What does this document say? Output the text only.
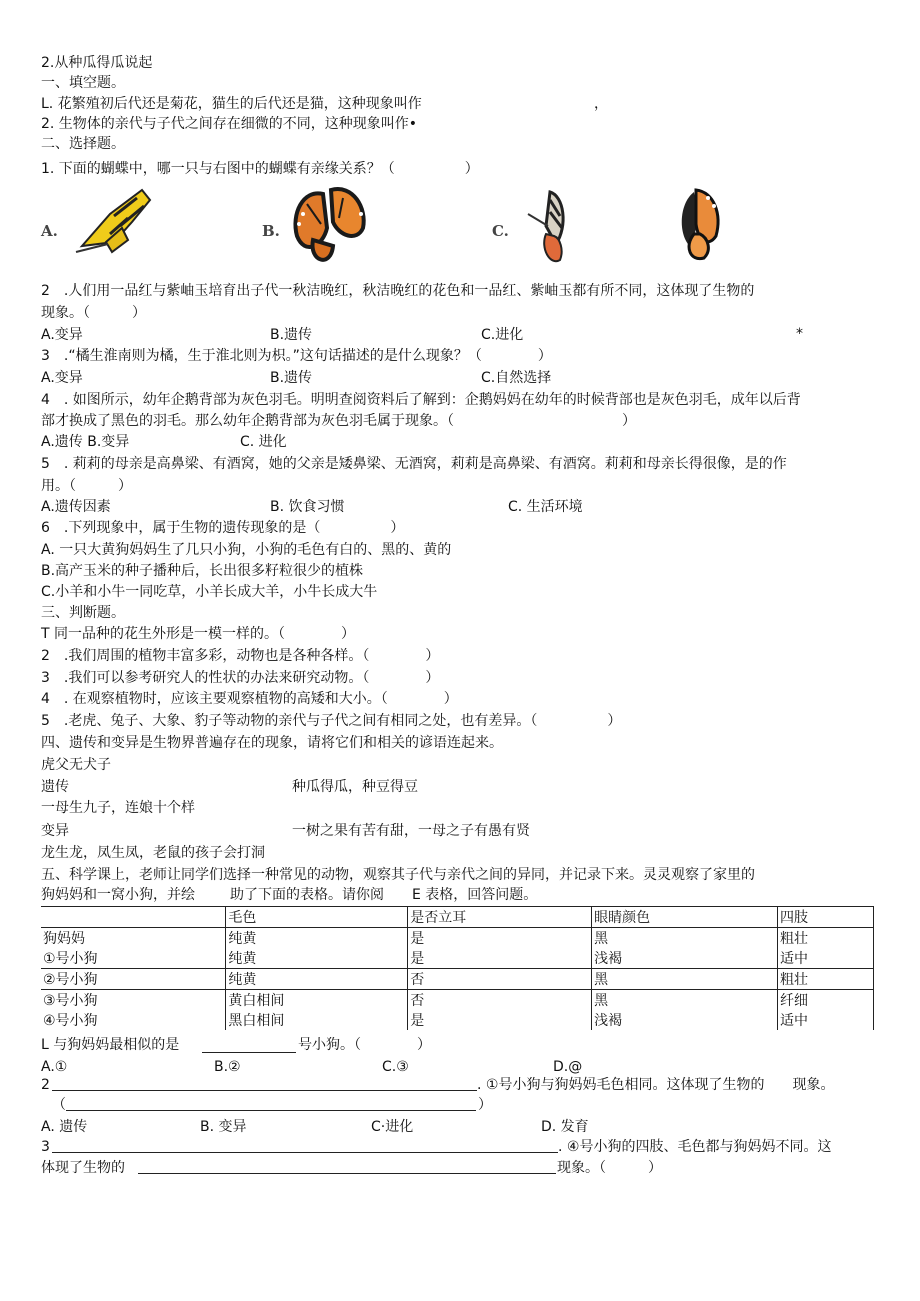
2.从种瓜得瓜说起
一、填空题。
L. 花繁殖初后代还是菊花，猫生的后代还是猫，这种现象叫作	，
2. 生物体的亲代与子代之间存在细微的不同，这种现象叫作•
二、选择题。
1. 下面的蝴蝶中，哪一只与右图中的蝴蝶有亲缘关系？（　　　　　）
A.	B.	C.
2　.人们用一品红与紫岫玉培育出子代一秋洁晚红，秋洁晚红的花色和一品红、紫岫玉都有所不同，这体现了生物的
现象。（　　　）
A.变异	B.遗传	C.进化	*
3　.“橘生淮南则为橘，生于淮北则为枳。”这句话描述的是什么现象？（　　　　）
A.变异	B.遗传	C.自然选择
4　. 如图所示，幼年企鹅背部为灰色羽毛。明明查阅资料后了解到：企鹅妈妈在幼年的时候背部也是灰色羽毛，成年以后背
部才换成了黑色的羽毛。那么幼年企鹅背部为灰色羽毛属于现象。（　　　　　　　　　　　　）
A.遗传 B.变异	C. 进化
5　. 莉莉的母亲是高鼻梁、有酒窝，她的父亲是矮鼻梁、无酒窝，莉莉是高鼻梁、有酒窝。莉莉和母亲长得很像，是的作
用。（　　　）
A.遗传因素	B. 饮食习惯	C. 生活环境
6　.下列现象中，属于生物的遗传现象的是（　　　　　）
A. 一只大黄狗妈妈生了几只小狗，小狗的毛色有白的、黑的、黄的
B.高产玉米的种子播种后，长出很多籽粒很少的植株
C.小羊和小牛一同吃草，小羊长成大羊，小牛长成大牛
三、判断题。
T 同一品种的花生外形是一模一样的。（　　　　）
2　.我们周围的植物丰富多彩，动物也是各种各样。（　　　　）
3　.我们可以参考研究人的性状的办法来研究动物。（　　　　）
4　. 在观察植物时，应该主要观察植物的高矮和大小。（　　　　）
5　.老虎、兔子、大象、豹子等动物的亲代与子代之间有相同之处，也有差异。（　　　　　）
四、遗传和变异是生物界普遍存在的现象，请将它们和相关的谚语连起来。
虎父无犬子
遗传	种瓜得瓜，种豆得豆
一母生九子，连娘十个样
变异	一树之果有苦有甜，一母之子有愚有贤
龙生龙，凤生凤，老鼠的孩子会打洞
五、科学课上，老师让同学们选择一种常见的动物，观察其子代与亲代之间的异同，并记录下来。灵灵观察了家里的
狗妈妈和一窝小狗，并绘	助了下面的表格。请你阅 E 表格，回答问题。
	毛色	是否立耳	眼睛颜色	四肢
狗妈妈	纯黄	是	黑	粗壮
①号小狗	纯黄	是	浅褐	适中
②号小狗	纯黄	否	黑	粗壮
③号小狗	黄白相间	否	黑	纤细
④号小狗	黑白相间	是	浅褐	适中
L 与狗妈妈最相似的是	号小狗。（　　　　）
A.①	B.②	C.③	D.@
2	. ①号小狗与狗妈妈毛色相同。这体现了生物的　　现象。
（	）
A. 遗传	B. 变异	C·进化	D. 发育
3	. ④号小狗的四肢、毛色都与狗妈妈不同。这
体现了生物的	现象。（　　　）
